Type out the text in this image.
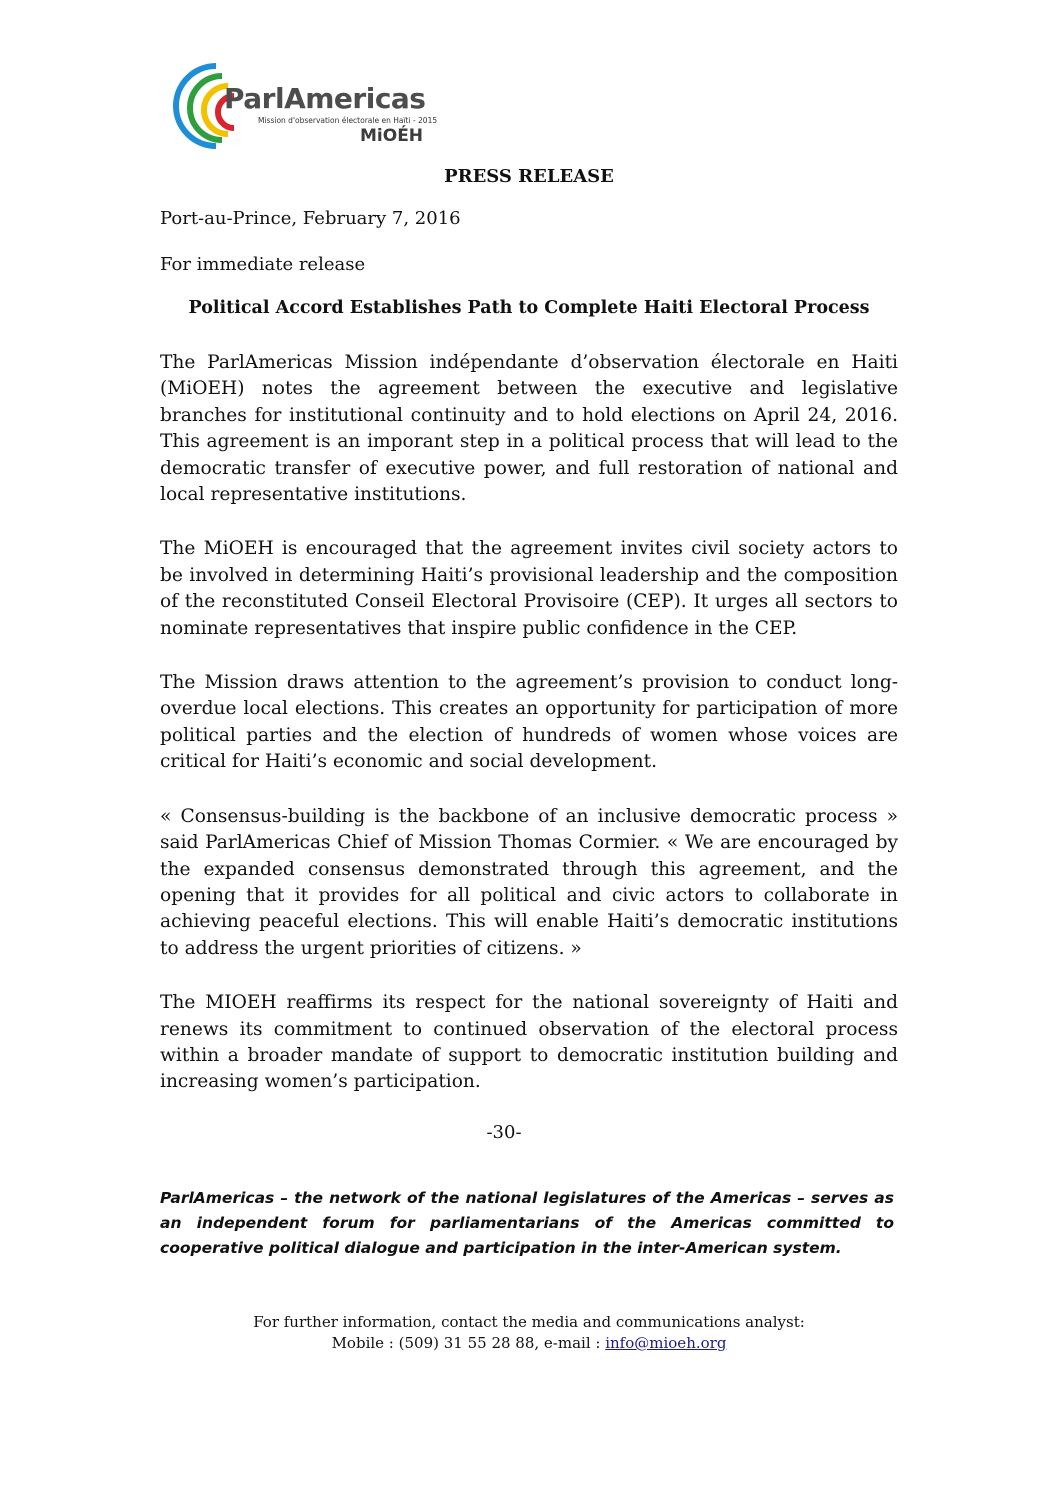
ParlAmericas
Mission d'observation électorale en Haïti - 2015
MiOÉH
PRESS RELEASE
Port-au-Prince, February 7, 2016
For immediate release
Political Accord Establishes Path to Complete Haiti Electoral Process

The ParlAmericas Mission indépendante d’observation électorale en Haiti (MiOEH) notes the agreement between the executive and legislative branches for institutional continuity and to hold elections on April 24, 2016. This agreement is an imporant step in a political process that will lead to the democratic transfer of executive power, and full restoration of national and local representative institutions.

The MiOEH is encouraged that the agreement invites civil society actors to be involved in determining Haiti’s provisional leadership and the composition of the reconstituted Conseil Electoral Provisoire (CEP). It urges all sectors to nominate representatives that inspire public confidence in the CEP.

The Mission draws attention to the agreement’s provision to conduct long-overdue local elections. This creates an opportunity for participation of more political parties and the election of hundreds of women whose voices are critical for Haiti’s economic and social development.

« Consensus-building is the backbone of an inclusive democratic process » said ParlAmericas Chief of Mission Thomas Cormier. « We are encouraged by the expanded consensus demonstrated through this agreement, and the opening that it provides for all political and civic actors to collaborate in achieving peaceful elections. This will enable Haiti’s democratic institutions to address the urgent priorities of citizens. »

The MIOEH reaffirms its respect for the national sovereignty of Haiti and renews its commitment to continued observation of the electoral process within a broader mandate of support to democratic institution building and increasing women’s participation.

-30-
ParlAmericas – the network of the national legislatures of the Americas – serves as an independent forum for parliamentarians of the Americas committed to cooperative political dialogue and participation in the inter-American system.
For further information, contact the media and communications analyst:
Mobile : (509) 31 55 28 88, e-mail : info@mioeh.org
